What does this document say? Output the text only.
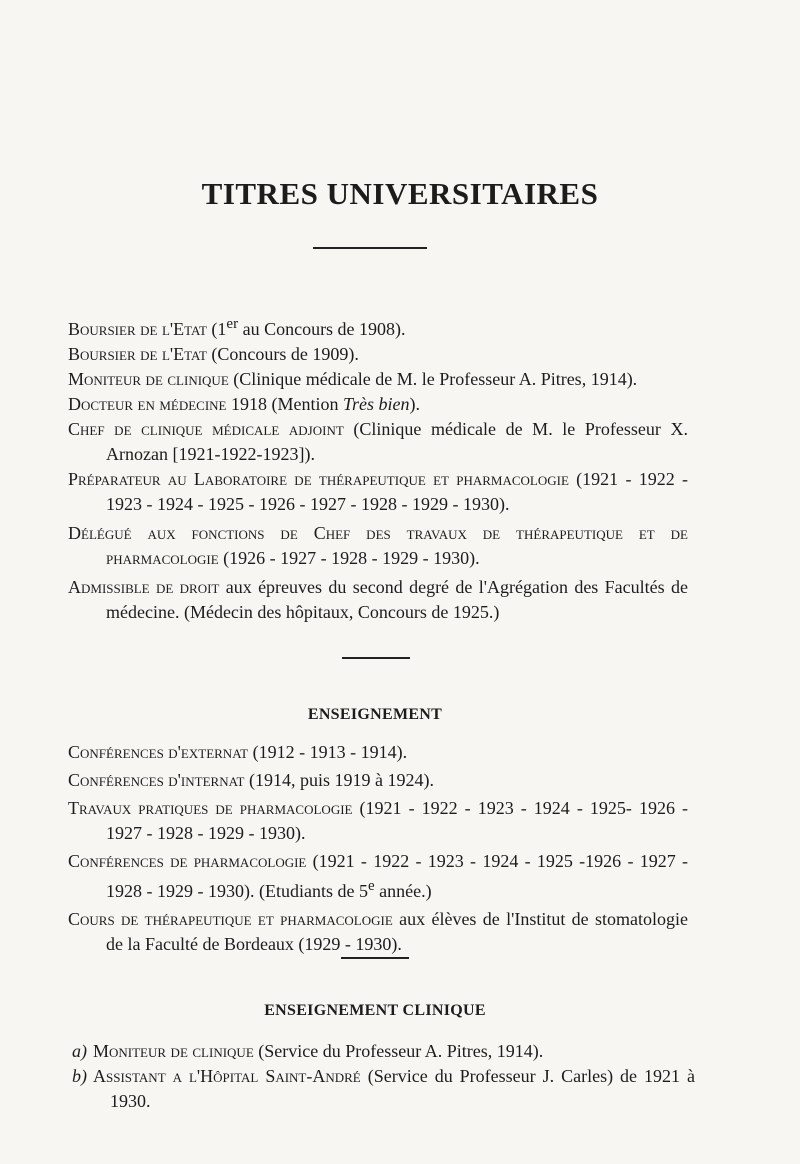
TITRES UNIVERSITAIRES
Boursier de l'Etat (1er au Concours de 1908).
Boursier de l'Etat (Concours de 1909).
Moniteur de clinique (Clinique médicale de M. le Professeur A. Pitres, 1914).
Docteur en médecine 1918 (Mention Très bien).
Chef de clinique médicale adjoint (Clinique médicale de M. le Professeur X. Arnozan [1921-1922-1923]).
Préparateur au Laboratoire de thérapeutique et pharmacologie (1921 - 1922 - 1923 - 1924 - 1925 - 1926 - 1927 - 1928 - 1929 - 1930).
Délégué aux fonctions de Chef des travaux de thérapeutique et de pharmacologie (1926 - 1927 - 1928 - 1929 - 1930).
Admissible de droit aux épreuves du second degré de l'Agrégation des Facultés de médecine. (Médecin des hôpitaux, Concours de 1925.)
ENSEIGNEMENT
Conférences d'externat (1912 - 1913 - 1914).
Conférences d'internat (1914, puis 1919 à 1924).
Travaux pratiques de pharmacologie (1921 - 1922 - 1923 - 1924 - 1925- 1926 - 1927 - 1928 - 1929 - 1930).
Conférences de pharmacologie (1921 - 1922 - 1923 - 1924 - 1925 -1926 - 1927 - 1928 - 1929 - 1930). (Etudiants de 5e année.)
Cours de thérapeutique et pharmacologie aux élèves de l'Institut de stomatologie de la Faculté de Bordeaux (1929 - 1930).
ENSEIGNEMENT CLINIQUE
a) Moniteur de clinique (Service du Professeur A. Pitres, 1914).
b) Assistant a l'Hôpital Saint-André (Service du Professeur J. Carles) de 1921 à 1930.
